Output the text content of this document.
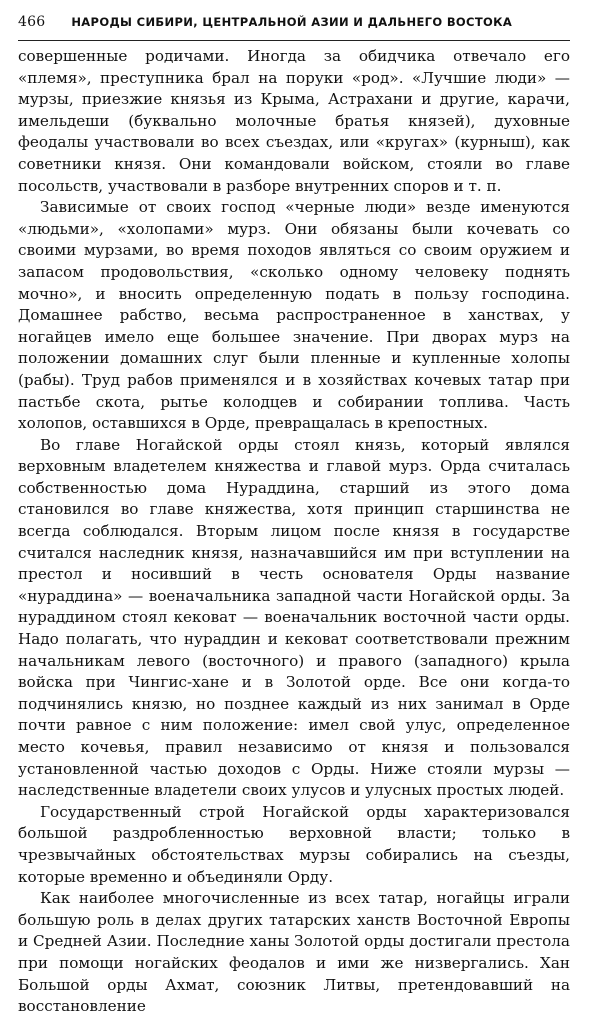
466 НАРОДЫ СИБИРИ, ЦЕНТРАЛЬНОЙ АЗИИ И ДАЛЬНЕГО ВОСТОКА

совершенные родичами. Иногда за обидчика отвечало его «племя», преступника брал на поруки «род». «Лучшие люди» — мурзы, приезжие князья из Крыма, Астрахани и другие, карачи, имельдеши (буквально молочные братья князей), духовные феодалы участвовали во всех съездах, или «кругах» (курныш), как советники князя. Они командовали войском, стояли во главе посольств, участвовали в разборе внутренних споров и т. п.

Зависимые от своих господ «черные люди» везде именуются «людьми», «холопами» мурз. Они обязаны были кочевать со своими мурзами, во время походов являться со своим оружием и запасом продовольствия, «сколько одному человеку поднять мочно», и вносить определенную подать в пользу господина. Домашнее рабство, весьма распространенное в ханствах, у ногайцев имело еще большее значение. При дворах мурз на положении домашних слуг были пленные и купленные холопы (рабы). Труд рабов применялся и в хозяйствах кочевых татар при пастьбе скота, рытье колодцев и собирании топлива. Часть холопов, оставшихся в Орде, превращалась в крепостных.

Во главе Ногайской орды стоял князь, который являлся верховным владетелем княжества и главой мурз. Орда считалась собственностью дома Нураддина, старший из этого дома становился во главе княжества, хотя принцип старшинства не всегда соблюдался. Вторым лицом после князя в государстве считался наследник князя, назначавшийся им при вступлении на престол и носивший в честь основателя Орды название «нураддина» — военачальника западной части Ногайской орды. За нураддином стоял кековат — военачальник восточной части орды. Надо полагать, что нураддин и кековат соответствовали прежним начальникам левого (восточного) и правого (западного) крыла войска при Чингис-хане и в Золотой орде. Все они когда-то подчинялись князю, но позднее каждый из них занимал в Орде почти равное с ним положение: имел свой улус, определенное место кочевья, правил независимо от князя и пользовался установленной частью доходов с Орды. Ниже стояли мурзы — наследственные владетели своих улусов и улусных простых людей.

Государственный строй Ногайской орды характеризовался большой раздробленностью верховной власти; только в чрезвычайных обстоятельствах мурзы собирались на съезды, которые временно и объединяли Орду.

Как наиболее многочисленные из всех татар, ногайцы играли большую роль в делах других татарских ханств Восточной Европы и Средней Азии. Последние ханы Золотой орды достигали престола при помощи ногайских феодалов и ими же низвергались. Хан Большой орды Ахмат, союзник Литвы, претендовавший на восстановление
